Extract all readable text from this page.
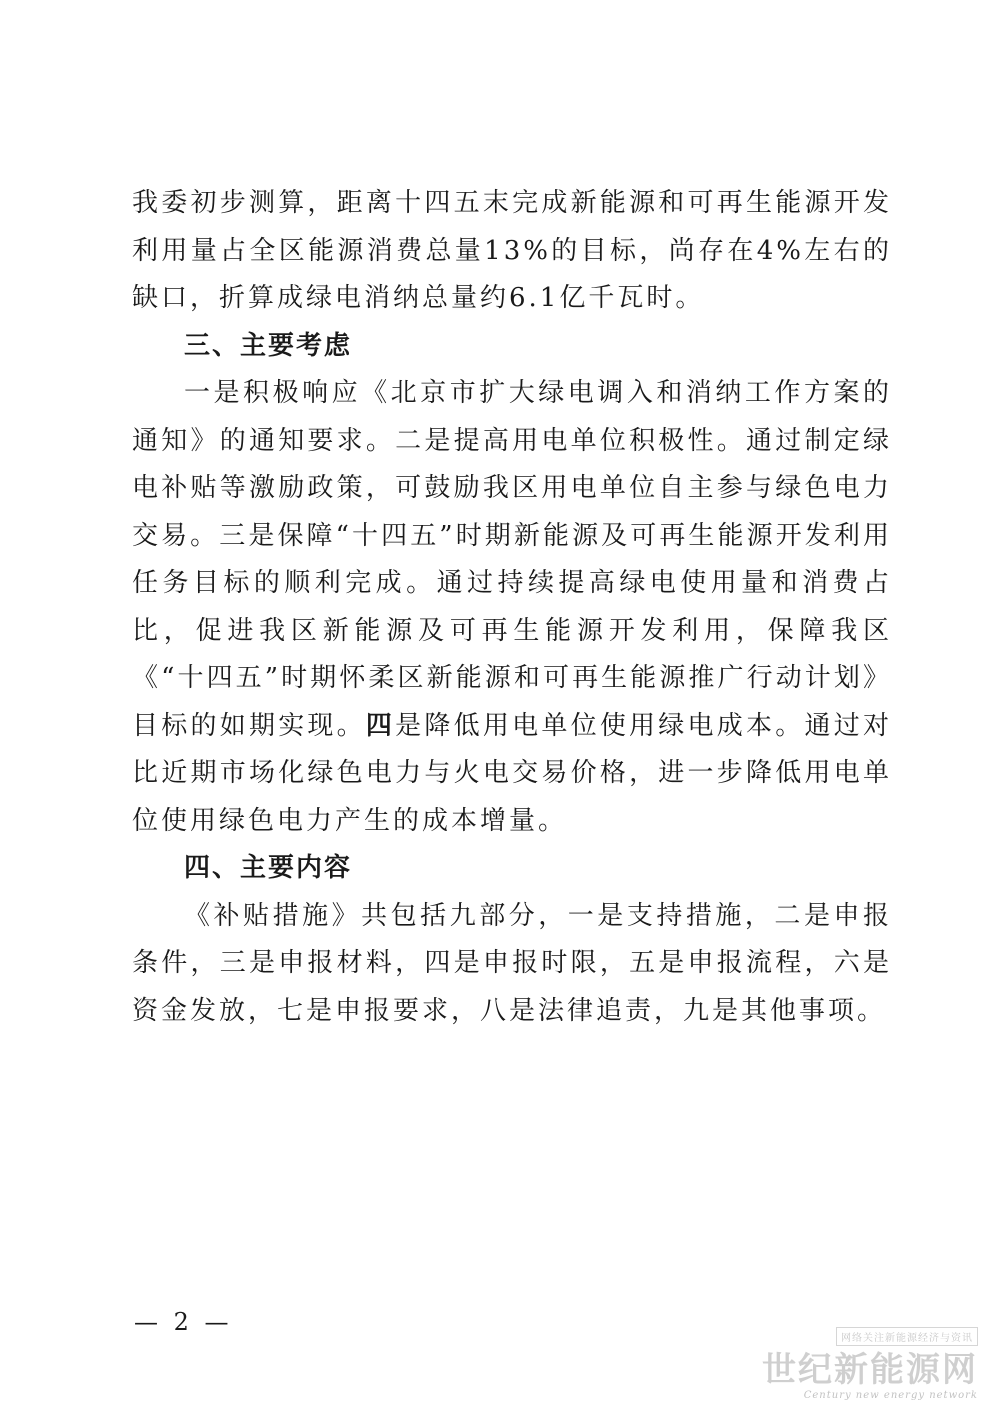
我委初步测算，距离十四五末完成新能源和可再生能源开发利用量占全区能源消费总量13%的目标，尚存在4%左右的缺口，折算成绿电消纳总量约6.1亿千瓦时。

三、主要考虑

一是积极响应《北京市扩大绿电调入和消纳工作方案的通知》的通知要求。二是提高用电单位积极性。通过制定绿电补贴等激励政策，可鼓励我区用电单位自主参与绿色电力交易。三是保障“十四五”时期新能源及可再生能源开发利用任务目标的顺利完成。通过持续提高绿电使用量和消费占比，促进我区新能源及可再生能源开发利用，保障我区《“十四五”时期怀柔区新能源和可再生能源推广行动计划》目标的如期实现。四是降低用电单位使用绿电成本。通过对比近期市场化绿色电力与火电交易价格，进一步降低用电单位使用绿色电力产生的成本增量。

四、主要内容

《补贴措施》共包括九部分，一是支持措施，二是申报条件，三是申报材料，四是申报时限，五是申报流程，六是资金发放，七是申报要求，八是法律追责，九是其他事项。

— 2 —
网络关注新能源经济与资讯
世纪新能源网
Century new energy network
